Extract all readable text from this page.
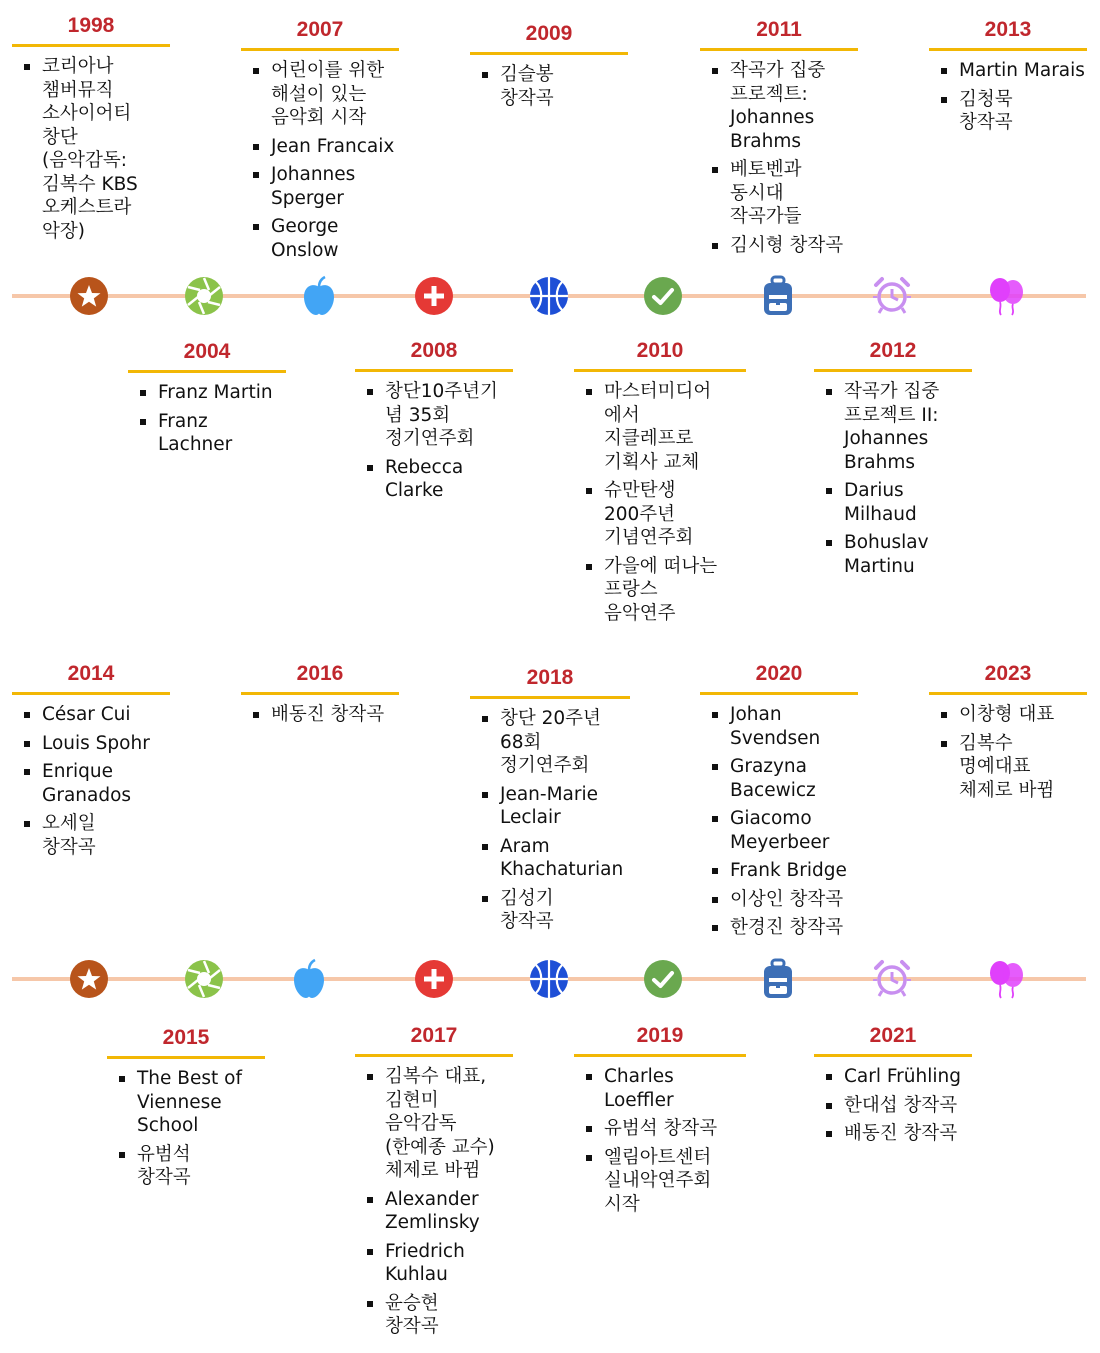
1998
코리아나
챔버뮤직
소사이어티
창단
(음악감독:
김복수 KBS
오케스트라
악장)
2007
어린이를 위한
해설이 있는
음악회 시작
Jean Francaix
Johannes
Sperger
George
Onslow
2009
김슬봉
창작곡
2011
작곡가 집중
프로젝트:
Johannes
Brahms
베토벤과
동시대
작곡가들
김시형 창작곡
2013
Martin Marais
김청묵
창작곡
2004
Franz Martin
Franz
Lachner
2008
창단10주년기
념 35회
정기연주회
Rebecca
Clarke
2010
마스터미디어
에서
지클레프로
기획사 교체
슈만탄생
200주년
기념연주회
가을에 떠나는
프랑스
음악연주
2012
작곡가 집중
프로젝트 II:
Johannes
Brahms
Darius
Milhaud
Bohuslav
Martinu
2014
César Cui
Louis Spohr
Enrique
Granados
오세일
창작곡
2016
배동진 창작곡
2018
창단 20주년
68회
정기연주회
Jean-Marie
Leclair
Aram
Khachaturian
김성기
창작곡
2020
Johan
Svendsen
Grazyna
Bacewicz
Giacomo
Meyerbeer
Frank Bridge
이상인 창작곡
한경진 창작곡
2023
이창형 대표
김복수
명예대표
체제로 바뀜
2015
The Best of
Viennese
School
유범석
창작곡
2017
김복수 대표,
김현미
음악감독
(한예종 교수)
체제로 바뀜
Alexander
Zemlinsky
Friedrich
Kuhlau
윤승현
창작곡
2019
Charles
Loeffler
유범석 창작곡
엘림아트센터
실내악연주회
시작
2021
Carl Frühling
한대섭 창작곡
배동진 창작곡
